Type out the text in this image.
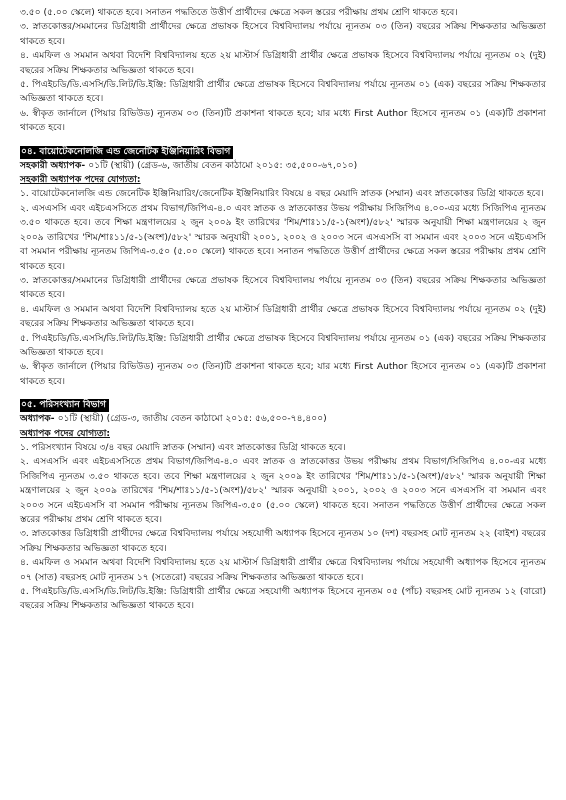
৩.৫০ (৫.০০ স্কেলে) থাকতে হবে। সনাতন পদ্ধতিতে উত্তীর্ণ প্রার্থীদের ক্ষেত্রে সকল স্তরের পরীক্ষায় প্রথম শ্রেণি থাকতে হবে।

৩. স্নাতকোত্তর/সমমানের ডিগ্রিধারী প্রার্থীদের ক্ষেত্রে প্রভাষক হিসেবে বিশ্ববিদ্যালয় পর্যায়ে ন্যূনতম ০৩ (তিন) বছরের সক্রিয় শিক্ষকতার অভিজ্ঞতা থাকতে হবে।

৪. এমফিল ও সমমান অথবা বিদেশি বিশ্ববিদ্যালয় হতে ২য় মাস্টার্স ডিগ্রিধারী প্রার্থীর ক্ষেত্রে প্রভাষক হিসেবে বিশ্ববিদ্যালয় পর্যায়ে ন্যূনতম ০২ (দুই) বছরের সক্রিয় শিক্ষকতার অভিজ্ঞতা থাকতে হবে।

৫. পিএইচডি/ডি.এসসি/ডি.লিট/ডি.ইঞ্জি: ডিগ্রিধারী প্রার্থীর ক্ষেত্রে প্রভাষক হিসেবে বিশ্ববিদ্যালয় পর্যায়ে ন্যূনতম ০১ (এক) বছরের সক্রিয় শিক্ষকতার অভিজ্ঞতা থাকতে হবে।

৬. স্বীকৃত জার্নালে (পিয়ার রিভিউড) ন্যূনতম ০৩ (তিন)টি প্রকাশনা থাকতে হবে; যার মধ্যে First Author হিসেবে ন্যূনতম ০১ (এক)টি প্রকাশনা থাকতে হবে।

০৪. বায়োটেকনোলজি এন্ড জেনেটিক ইঞ্জিনিয়ারিং বিভাগ

সহকারী অধ্যাপক- ০১টি (স্থায়ী) (গ্রেড-৬, জাতীয় বেতন কাঠামো ২০১৫: ৩৫,৫০০-৬৭,০১০)

সহকারী অধ্যাপক পদের যোগ্যতা:

১. বায়োটেকনোলজি এন্ড জেনেটিক ইঞ্জিনিয়ারিং/জেনেটিক ইঞ্জিনিয়ারিং বিষয়ে ৪ বছর মেয়াদি স্নাতক (সম্মান) এবং স্নাতকোত্তর ডিগ্রি থাকতে হবে।

২. এসএসসি এবং এইচএসসিতে প্রথম বিভাগ/জিপিএ-৪.০ এবং স্নাতক ও স্নাতকোত্তর উভয় পরীক্ষায় সিজিপিএ ৪.০০-এর মধ্যে সিজিপিএ ন্যূনতম ৩.৫০ থাকতে হবে। তবে শিক্ষা মন্ত্রণালয়ের ২ জুন ২০০৯ ইং তারিখের 'শিম/শাঃ১১/৫-১(অংশ)/৫৮২' স্মারক অনুযায়ী শিক্ষা মন্ত্রণালয়ের ২ জুন ২০০৯ তারিখের 'শিম/শাঃ১১/৫-১(অংশ)/৫৮২' স্মারক অনুযায়ী ২০০১, ২০০২ ও ২০০৩ সনে এসএসসি বা সমমান এবং ২০০৩ সনে এইচএসসি বা সমমান পরীক্ষায় ন্যূনতম জিপিএ-৩.৫০ (৫.০০ স্কেলে) থাকতে হবে। সনাতন পদ্ধতিতে উত্তীর্ণ প্রার্থীদের ক্ষেত্রে সকল স্তরের পরীক্ষায় প্রথম শ্রেণি থাকতে হবে।

৩. স্নাতকোত্তর/সমমানের ডিগ্রিধারী প্রার্থীদের ক্ষেত্রে প্রভাষক হিসেবে বিশ্ববিদ্যালয় পর্যায়ে ন্যূনতম ০৩ (তিন) বছরের সক্রিয় শিক্ষকতার অভিজ্ঞতা থাকতে হবে।

৪. এমফিল ও সমমান অথবা বিদেশি বিশ্ববিদ্যালয় হতে ২য় মাস্টার্স ডিগ্রিধারী প্রার্থীর ক্ষেত্রে প্রভাষক হিসেবে বিশ্ববিদ্যালয় পর্যায়ে ন্যূনতম ০২ (দুই) বছরের সক্রিয় শিক্ষকতার অভিজ্ঞতা থাকতে হবে।

৫. পিএইচডি/ডি.এসসি/ডি.লিট/ডি.ইঞ্জি: ডিগ্রিধারী প্রার্থীর ক্ষেত্রে প্রভাষক হিসেবে বিশ্ববিদ্যালয় পর্যায়ে ন্যূনতম ০১ (এক) বছরের সক্রিয় শিক্ষকতার অভিজ্ঞতা থাকতে হবে।

৬. স্বীকৃত জার্নালে (পিয়ার রিভিউড) ন্যূনতম ০৩ (তিন)টি প্রকাশনা থাকতে হবে; যার মধ্যে First Author হিসেবে ন্যূনতম ০১ (এক)টি প্রকাশনা থাকতে হবে।

০৫. পরিসংখ্যান বিভাগ

অধ্যাপক- ০১টি (স্থায়ী) (গ্রেড-৩, জাতীয় বেতন কাঠামো ২০১৫: ৫৬,৫০০-৭৪,৪০০)

অধ্যাপক পদের যোগ্যতা:

১. পরিসংখ্যান বিষয়ে ৩/৪ বছর মেয়াদি স্নাতক (সম্মান) এবং স্নাতকোত্তর ডিগ্রি থাকতে হবে।

২. এসএসসি এবং এইচএসসিতে প্রথম বিভাগ/জিপিএ-৪.০ এবং স্নাতক ও স্নাতকোত্তর উভয় পরীক্ষায় প্রথম বিভাগ/সিজিপিএ ৪.০০-এর মধ্যে সিজিপিএ ন্যূনতম ৩.৫০ থাকতে হবে। তবে শিক্ষা মন্ত্রণালয়ের ২ জুন ২০০৯ ইং তারিখের 'শিম/শাঃ১১/৫-১(অংশ)/৫৮২' স্মারক অনুযায়ী শিক্ষা মন্ত্রণালয়ের ২ জুন ২০০৯ তারিখের 'শিম/শাঃ১১/৫-১(অংশ)/৫৮২' স্মারক অনুযায়ী ২০০১, ২০০২ ও ২০০৩ সনে এসএসসি বা সমমান এবং ২০০৩ সনে এইচএসসি বা সমমান পরীক্ষায় ন্যূনতম জিপিএ-৩.৫০ (৫.০০ স্কেলে) থাকতে হবে। সনাতন পদ্ধতিতে উত্তীর্ণ প্রার্থীদের ক্ষেত্রে সকল স্তরের পরীক্ষায় প্রথম শ্রেণি থাকতে হবে।

৩. স্নাতকোত্তর ডিগ্রিধারী প্রার্থীদের ক্ষেত্রে বিশ্ববিদ্যালয় পর্যায়ে সহযোগী অধ্যাপক হিসেবে ন্যূনতম ১০ (দশ) বছরসহ মোট ন্যূনতম ২২ (বাইশ) বছরের সক্রিয় শিক্ষকতার অভিজ্ঞতা থাকতে হবে।

৪. এমফিল ও সমমান অথবা বিদেশি বিশ্ববিদ্যালয় হতে ২য় মাস্টার্স ডিগ্রিধারী প্রার্থীর ক্ষেত্রে বিশ্ববিদ্যালয় পর্যায়ে সহযোগী অধ্যাপক হিসেবে ন্যূনতম ০৭ (সাত) বছরসহ মোট ন্যূনতম ১৭ (সতেরো) বছরের সক্রিয় শিক্ষকতার অভিজ্ঞতা থাকতে হবে।

৫. পিএইচডি/ডি.এসসি/ডি.লিট/ডি.ইঞ্জি: ডিগ্রিধারী প্রার্থীর ক্ষেত্রে সহযোগী অধ্যাপক হিসেবে ন্যূনতম ০৫ (পাঁচ) বছরসহ মোট ন্যূনতম ১২ (বারো) বছরের সক্রিয় শিক্ষকতার অভিজ্ঞতা থাকতে হবে।
